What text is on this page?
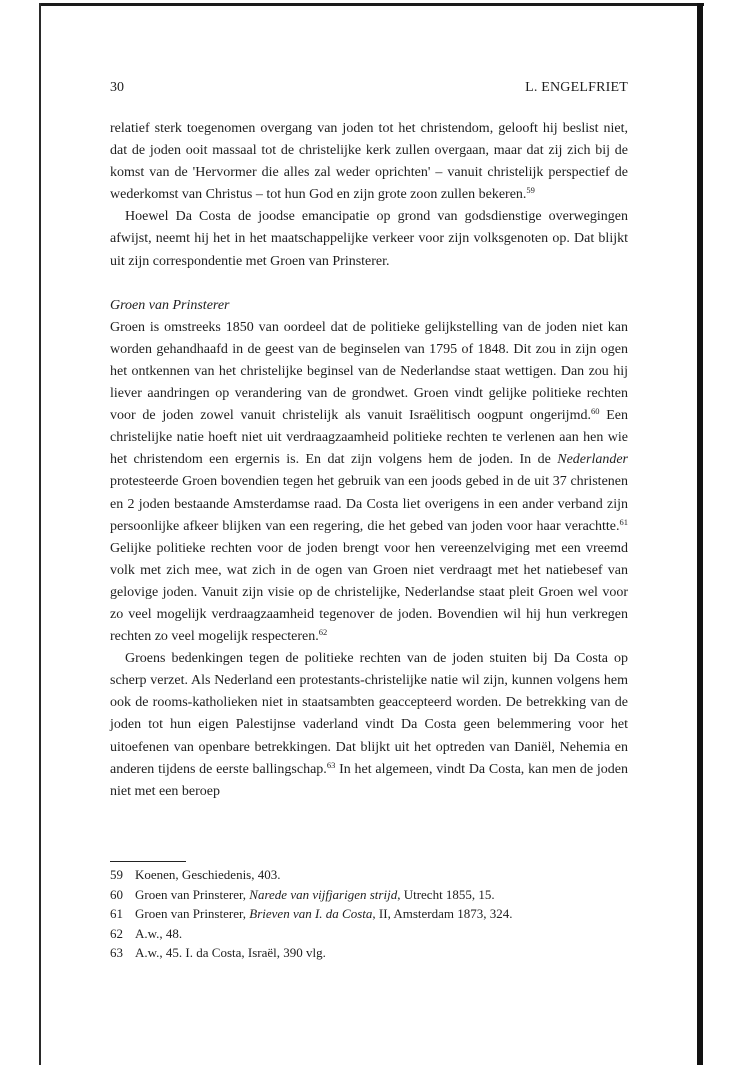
30	L. ENGELFRIET

relatief sterk toegenomen overgang van joden tot het christendom, gelooft hij beslist niet, dat de joden ooit massaal tot de christelijke kerk zullen overgaan, maar dat zij zich bij de komst van de 'Hervormer die alles zal weder oprichten' – vanuit christelijk perspectief de wederkomst van Christus – tot hun God en zijn grote zoon zullen bekeren.$^{59}$

Hoewel Da Costa de joodse emancipatie op grond van godsdienstige overwegingen afwijst, neemt hij het in het maatschappelijke verkeer voor zijn volksgenoten op. Dat blijkt uit zijn correspondentie met Groen van Prinsterer.

Groen van Prinsterer

Groen is omstreeks 1850 van oordeel dat de politieke gelijkstelling van de joden niet kan worden gehandhaafd in de geest van de beginselen van 1795 of 1848. Dit zou in zijn ogen het ontkennen van het christelijke beginsel van de Nederlandse staat wettigen. Dan zou hij liever aandringen op verandering van de grondwet. Groen vindt gelijke politieke rechten voor de joden zowel vanuit christelijk als vanuit Israëlitisch oogpunt ongerijmd.$^{60}$ Een christelijke natie hoeft niet uit verdraagzaamheid politieke rechten te verlenen aan hen wie het christendom een ergernis is. En dat zijn volgens hem de joden. In de Nederlander protesteerde Groen bovendien tegen het gebruik van een joods gebed in de uit 37 christenen en 2 joden bestaande Amsterdamse raad. Da Costa liet overigens in een ander verband zijn persoonlijke afkeer blijken van een regering, die het gebed van joden voor haar verachtte.$^{61}$ Gelijke politieke rechten voor de joden brengt voor hen vereenzelviging met een vreemd volk met zich mee, wat zich in de ogen van Groen niet verdraagt met het natiebesef van gelovige joden. Vanuit zijn visie op de christelijke, Nederlandse staat pleit Groen wel voor zo veel mogelijk verdraagzaamheid tegenover de joden. Bovendien wil hij hun verkregen rechten zo veel mogelijk respecteren.$^{62}$

Groens bedenkingen tegen de politieke rechten van de joden stuiten bij Da Costa op scherp verzet. Als Nederland een protestants-christelijke natie wil zijn, kunnen volgens hem ook de rooms-katholieken niet in staatsambten geaccepteerd worden. De betrekking van de joden tot hun eigen Palestijnse vaderland vindt Da Costa geen belemmering voor het uitoefenen van openbare betrekkingen. Dat blijkt uit het optreden van Daniël, Nehemia en anderen tijdens de eerste ballingschap.$^{63}$ In het algemeen, vindt Da Costa, kan men de joden niet met een beroep

59 Koenen, Geschiedenis, 403.
60 Groen van Prinsterer, Narede van vijfjarigen strijd, Utrecht 1855, 15.
61 Groen van Prinsterer, Brieven van I. da Costa, II, Amsterdam 1873, 324.
62 A.w., 48.
63 A.w., 45. I. da Costa, Israël, 390 vlg.
